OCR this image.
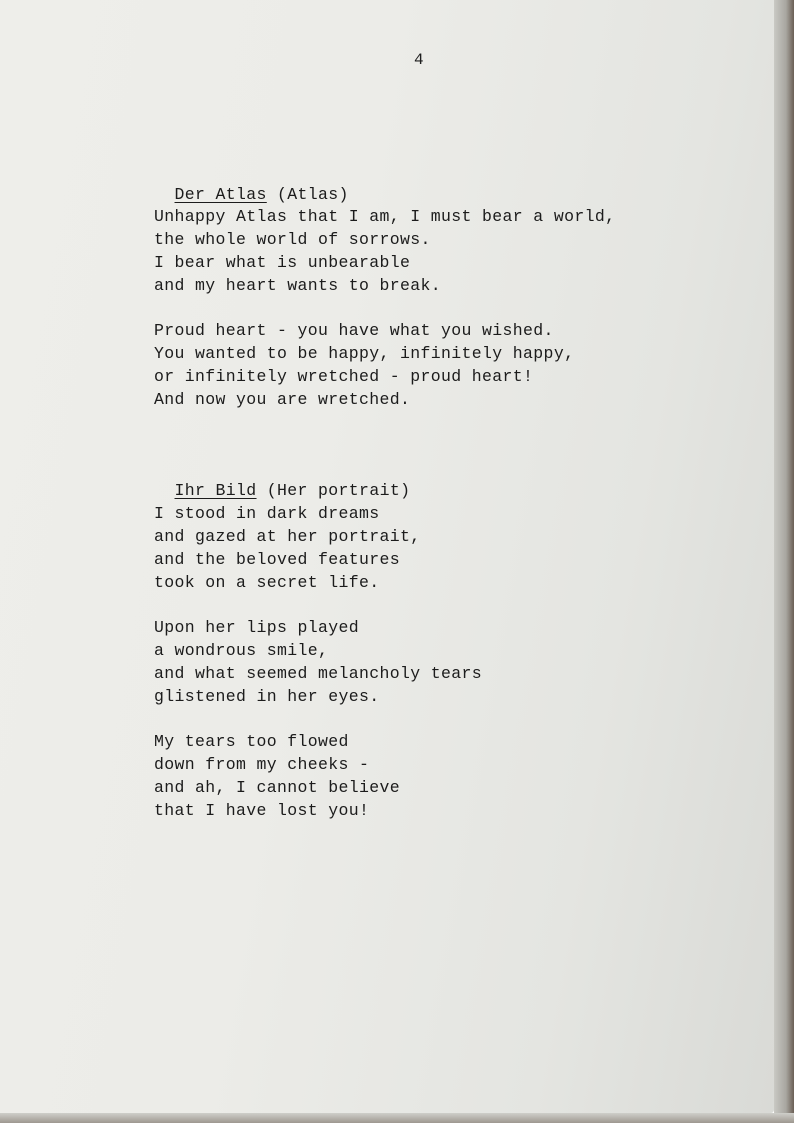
4

Der Atlas (Atlas)

Unhappy Atlas that I am, I must bear a world,
the whole world of sorrows.
I bear what is unbearable
and my heart wants to break.
Proud heart - you have what you wished.
You wanted to be happy, infinitely happy,
or infinitely wretched - proud heart!
And now you are wretched.

Ihr Bild (Her portrait)

I stood in dark dreams
and gazed at her portrait,
and the beloved features
took on a secret life.
Upon her lips played
a wondrous smile,
and what seemed melancholy tears
glistened in her eyes.
My tears too flowed
down from my cheeks -
and ah, I cannot believe
that I have lost you!
